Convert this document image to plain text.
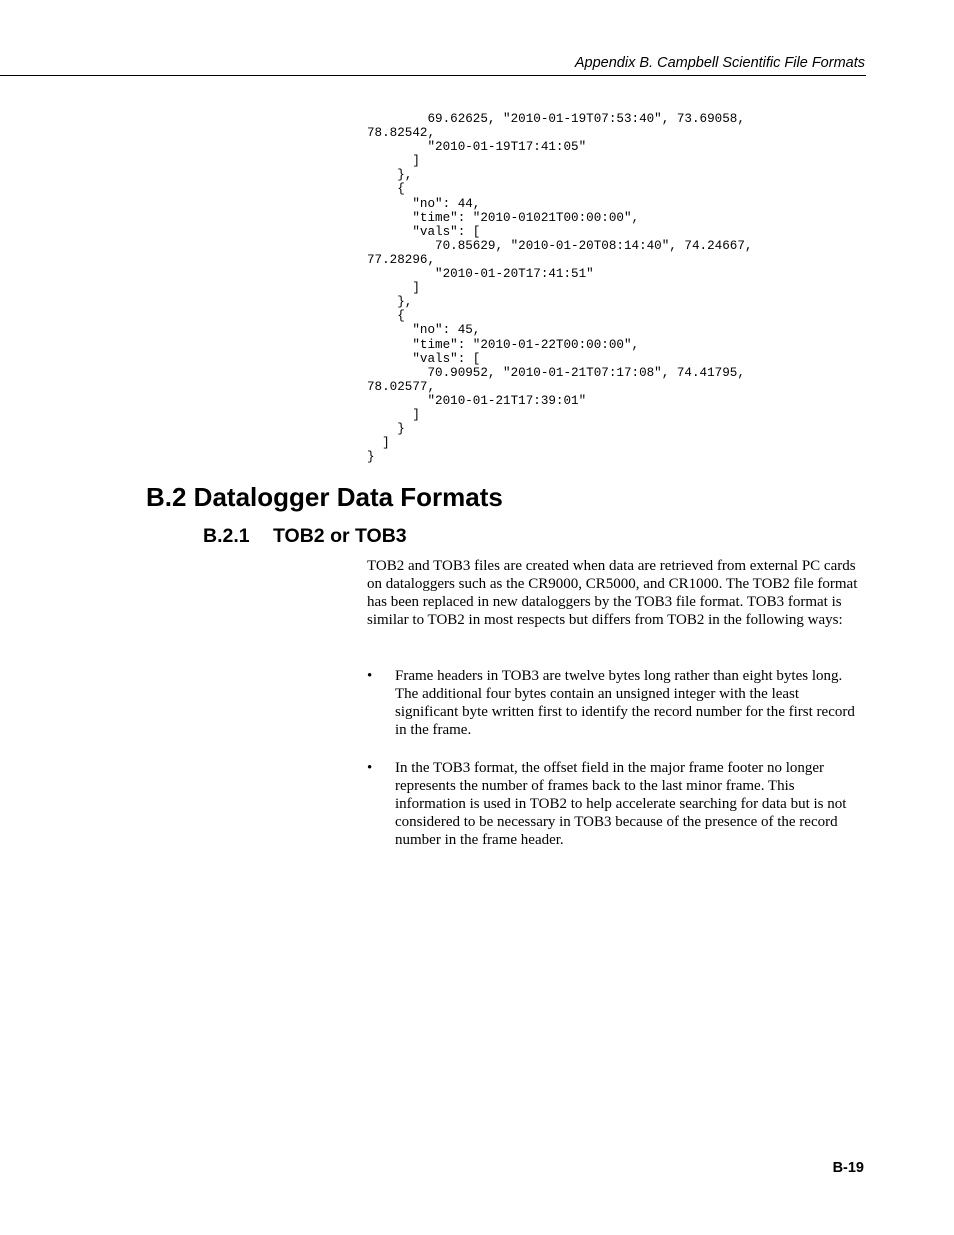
Appendix B. Campbell Scientific File Formats
69.62625, "2010-01-19T07:53:40", 73.69058,
78.82542,
"2010-01-19T17:41:05"
]
},
{
"no": 44,
"time": "2010-01021T00:00:00",
"vals": [
70.85629, "2010-01-20T08:14:40", 74.24667,
77.28296,
"2010-01-20T17:41:51"
]
},
{
"no": 45,
"time": "2010-01-22T00:00:00",
"vals": [
70.90952, "2010-01-21T07:17:08", 74.41795,
78.02577,
"2010-01-21T17:39:01"
]
}
]
}
B.2 Datalogger Data Formats
B.2.1 TOB2 or TOB3

TOB2 and TOB3 files are created when data are retrieved from external PC cards on dataloggers such as the CR9000, CR5000, and CR1000. The TOB2 file format has been replaced in new dataloggers by the TOB3 file format. TOB3 format is similar to TOB2 in most respects but differs from TOB2 in the following ways:

• Frame headers in TOB3 are twelve bytes long rather than eight bytes long. The additional four bytes contain an unsigned integer with the least significant byte written first to identify the record number for the first record in the frame.
• In the TOB3 format, the offset field in the major frame footer no longer represents the number of frames back to the last minor frame. This information is used in TOB2 to help accelerate searching for data but is not considered to be necessary in TOB3 because of the presence of the record number in the frame header.
B-19
